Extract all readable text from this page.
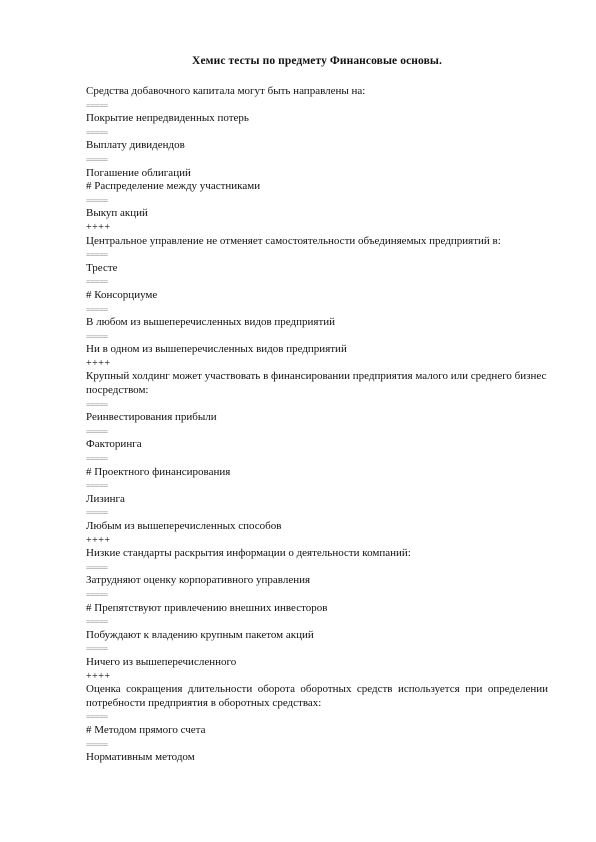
Хемис тесты по предмету Финансовые основы.
Средства добавочного капитала могут быть направлены на:
=====
Покрытие непредвиденных потерь
=====
Выплату дивидендов
=====
Погашение облигаций
# Распределение между участниками
=====
Выкуп акций
++++
Центральное управление не отменяет самостоятельности объединяемых предприятий в:
=====
Тресте
=====
# Консорциуме
=====
В любом из вышеперечисленных видов предприятий
=====
Ни в одном из вышеперечисленных видов предприятий
++++
Крупный холдинг может участвовать в финансировании предприятия малого или среднего бизнес посредством:
=====
Реинвестирования прибыли
=====
Факторинга
=====
# Проектного финансирования
=====
Лизинга
=====
Любым из вышеперечисленных способов
++++
Низкие стандарты раскрытия информации о деятельности компаний:
=====
Затрудняют оценку корпоративного управления
=====
# Препятствуют привлечению внешних инвесторов
=====
Побуждают к владению крупным пакетом акций
=====
Ничего из вышеперечисленного
++++
Оценка сокращения длительности оборота оборотных средств используется при определении потребности предприятия в оборотных средствах:
=====
# Методом прямого счета
=====
Нормативным методом
